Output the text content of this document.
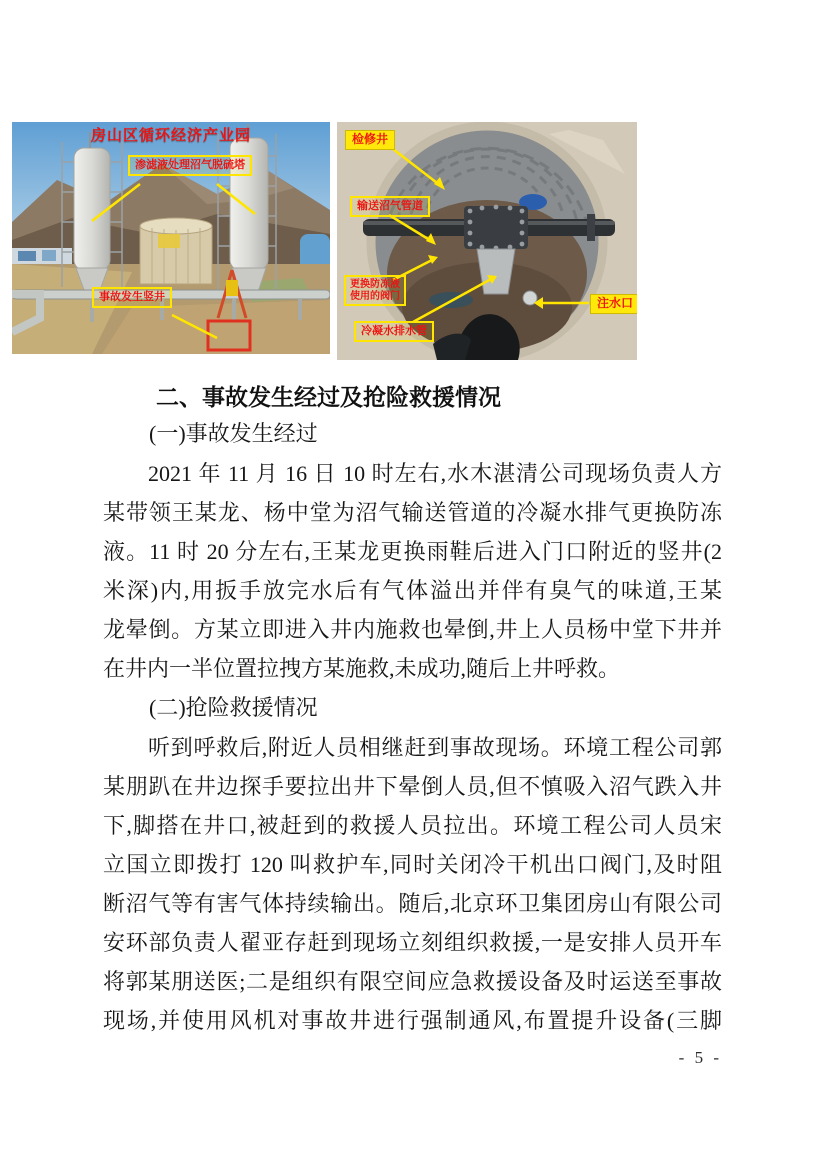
房山区循环经济产业园
渗滤液处理沼气脱硫塔
事故发生竖井
检修井
输送沼气管道
更换防冻液
使用的阀门	注水口
冷凝水排水管
二、事故发生经过及抢险救援情况
(一)事故发生经过
2021 年 11 月 16 日 10 时左右,水木湛清公司现场负责人方
某带领王某龙、杨中堂为沼气输送管道的冷凝水排气更换防冻
液。11 时 20 分左右,王某龙更换雨鞋后进入门口附近的竖井(2
米深)内,用扳手放完水后有气体溢出并伴有臭气的味道,王某
龙晕倒。方某立即进入井内施救也晕倒,井上人员杨中堂下井并
在井内一半位置拉拽方某施救,未成功,随后上井呼救。
(二)抢险救援情况
听到呼救后,附近人员相继赶到事故现场。环境工程公司郭
某朋趴在井边探手要拉出井下晕倒人员,但不慎吸入沼气跌入井
下,脚搭在井口,被赶到的救援人员拉出。环境工程公司人员宋
立国立即拨打 120 叫救护车,同时关闭冷干机出口阀门,及时阻
断沼气等有害气体持续输出。随后,北京环卫集团房山有限公司
安环部负责人翟亚存赶到现场立刻组织救援,一是安排人员开车
将郭某朋送医;二是组织有限空间应急救援设备及时运送至事故
现场,并使用风机对事故井进行强制通风,布置提升设备(三脚
- 5 -
